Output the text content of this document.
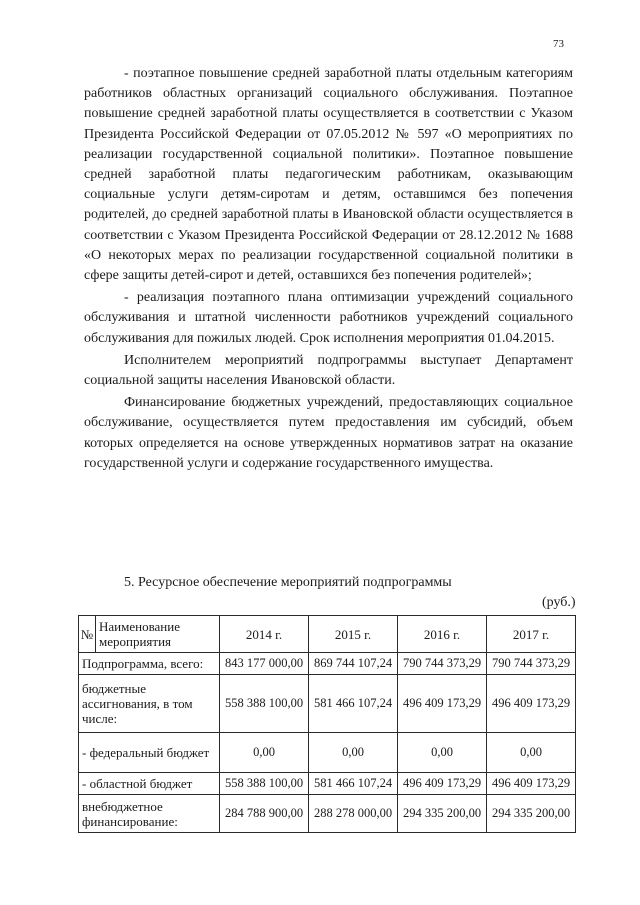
73

- поэтапное повышение средней заработной платы отдельным категориям работников областных организаций социального обслуживания. Поэтапное повышение средней заработной платы осуществляется в соответствии с Указом Президента Российской Федерации от 07.05.2012 № 597 «О мероприятиях по реализации государственной социальной политики». Поэтапное повышение средней заработной платы педагогическим работникам, оказывающим социальные услуги детям-сиротам и детям, оставшимся без попечения родителей, до средней заработной платы в Ивановской области осуществляется в соответствии с Указом Президента Российской Федерации от 28.12.2012 № 1688 «О некоторых мерах по реализации государственной социальной политики в сфере защиты детей-сирот и детей, оставшихся без попечения родителей»;

- реализация поэтапного плана оптимизации учреждений социального обслуживания и штатной численности работников учреждений социального обслуживания для пожилых людей. Срок исполнения мероприятия 01.04.2015.

Исполнителем мероприятий подпрограммы выступает Департамент социальной защиты населения Ивановской области.

Финансирование бюджетных учреждений, предоставляющих социальное обслуживание, осуществляется путем предоставления им субсидий, объем которых определяется на основе утвержденных нормативов затрат на оказание государственной услуги и содержание государственного имущества.

5. Ресурсное обеспечение мероприятий подпрограммы
(руб.)
№	Наименование мероприятия	2014 г.	2015 г.	2016 г.	2017 г.
Подпрограмма, всего:		843 177 000,00	869 744 107,24	790 744 373,29	790 744 373,29
бюджетные ассигнования, в том числе:		558 388 100,00	581 466 107,24	496 409 173,29	496 409 173,29
- федеральный бюджет		0,00	0,00	0,00	0,00
- областной бюджет		558 388 100,00	581 466 107,24	496 409 173,29	496 409 173,29
внебюджетное финансирование:		284 788 900,00	288 278 000,00	294 335 200,00	294 335 200,00
